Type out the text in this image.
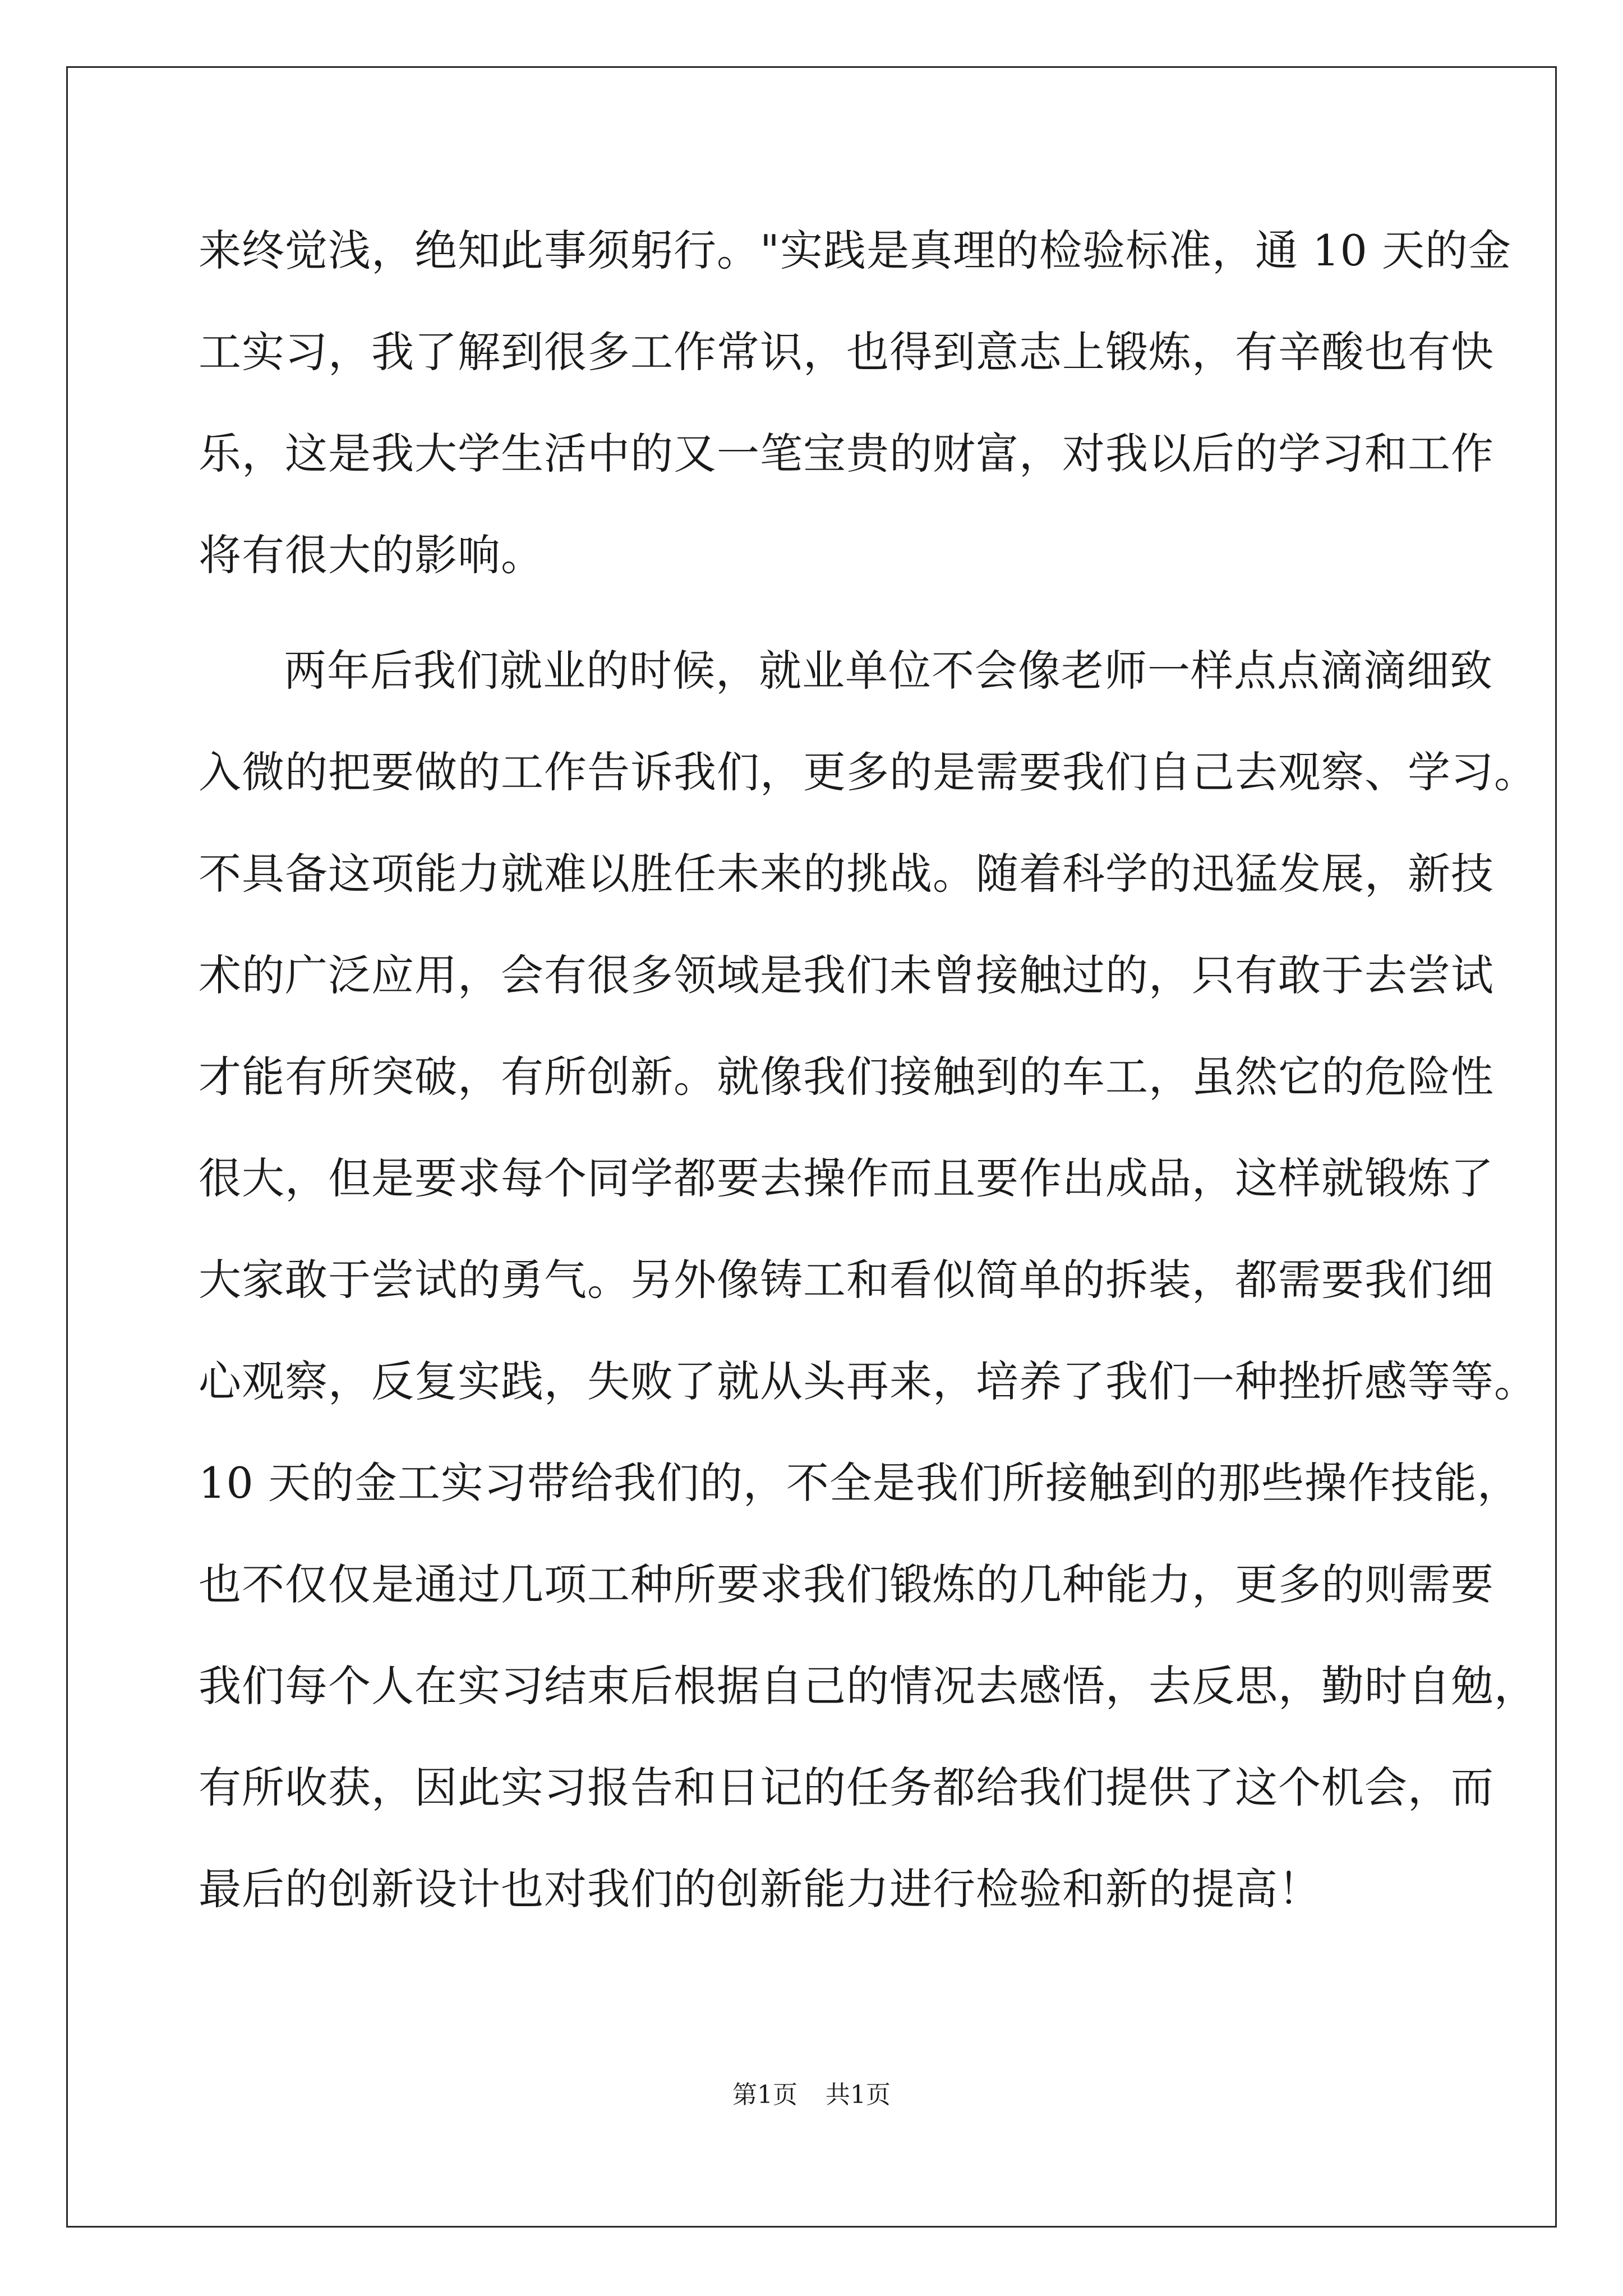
来终觉浅，绝知此事须躬行。"实践是真理的检验标准，通 10 天的金
工实习，我了解到很多工作常识，也得到意志上锻炼，有辛酸也有快
乐，这是我大学生活中的又一笔宝贵的财富，对我以后的学习和工作
将有很大的影响。
两年后我们就业的时候，就业单位不会像老师一样点点滴滴细致
入微的把要做的工作告诉我们，更多的是需要我们自己去观察、学习。
不具备这项能力就难以胜任未来的挑战。随着科学的迅猛发展，新技
术的广泛应用，会有很多领域是我们未曾接触过的，只有敢于去尝试
才能有所突破，有所创新。就像我们接触到的车工，虽然它的危险性
很大，但是要求每个同学都要去操作而且要作出成品，这样就锻炼了
大家敢于尝试的勇气。另外像铸工和看似简单的拆装，都需要我们细
心观察，反复实践，失败了就从头再来，培养了我们一种挫折感等等。
10 天的金工实习带给我们的，不全是我们所接触到的那些操作技能，
也不仅仅是通过几项工种所要求我们锻炼的几种能力，更多的则需要
我们每个人在实习结束后根据自己的情况去感悟，去反思，勤时自勉，
有所收获，因此实习报告和日记的任务都给我们提供了这个机会，而
最后的创新设计也对我们的创新能力进行检验和新的提高！
第1页 共1页
